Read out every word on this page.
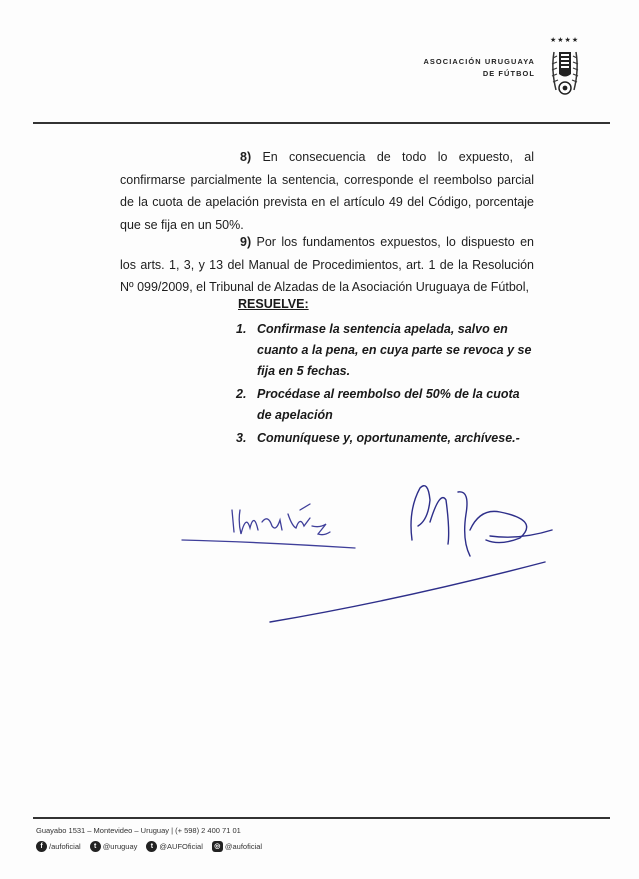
ASOCIACIÓN URUGUAYA
DE FÚTBOL
★★★★
8) En consecuencia de todo lo expuesto, al confirmarse parcialmente la sentencia, corresponde el reembolso parcial de la cuota de apelación prevista en el artículo 49 del Código, porcentaje que se fija en un 50%.
9) Por los fundamentos expuestos, lo dispuesto en los arts. 1, 3, y 13 del Manual de Procedimientos, art. 1 de la Resolución Nº 099/2009, el Tribunal de Alzadas de la Asociación Uruguaya de Fútbol,
RESUELVE:
1. Confirmase la sentencia apelada, salvo en cuanto a la pena, en cuya parte se revoca y se fija en 5 fechas.
2. Procédase al reembolso del 50% de la cuota de apelación
3. Comuníquese y, oportunamente, archívese.-
Guayabo 1531 – Montevideo – Uruguay | (+ 598) 2 400 71 01
f /aufoficial	t @uruguay	t @AUFOficial	◎ @aufoficial
